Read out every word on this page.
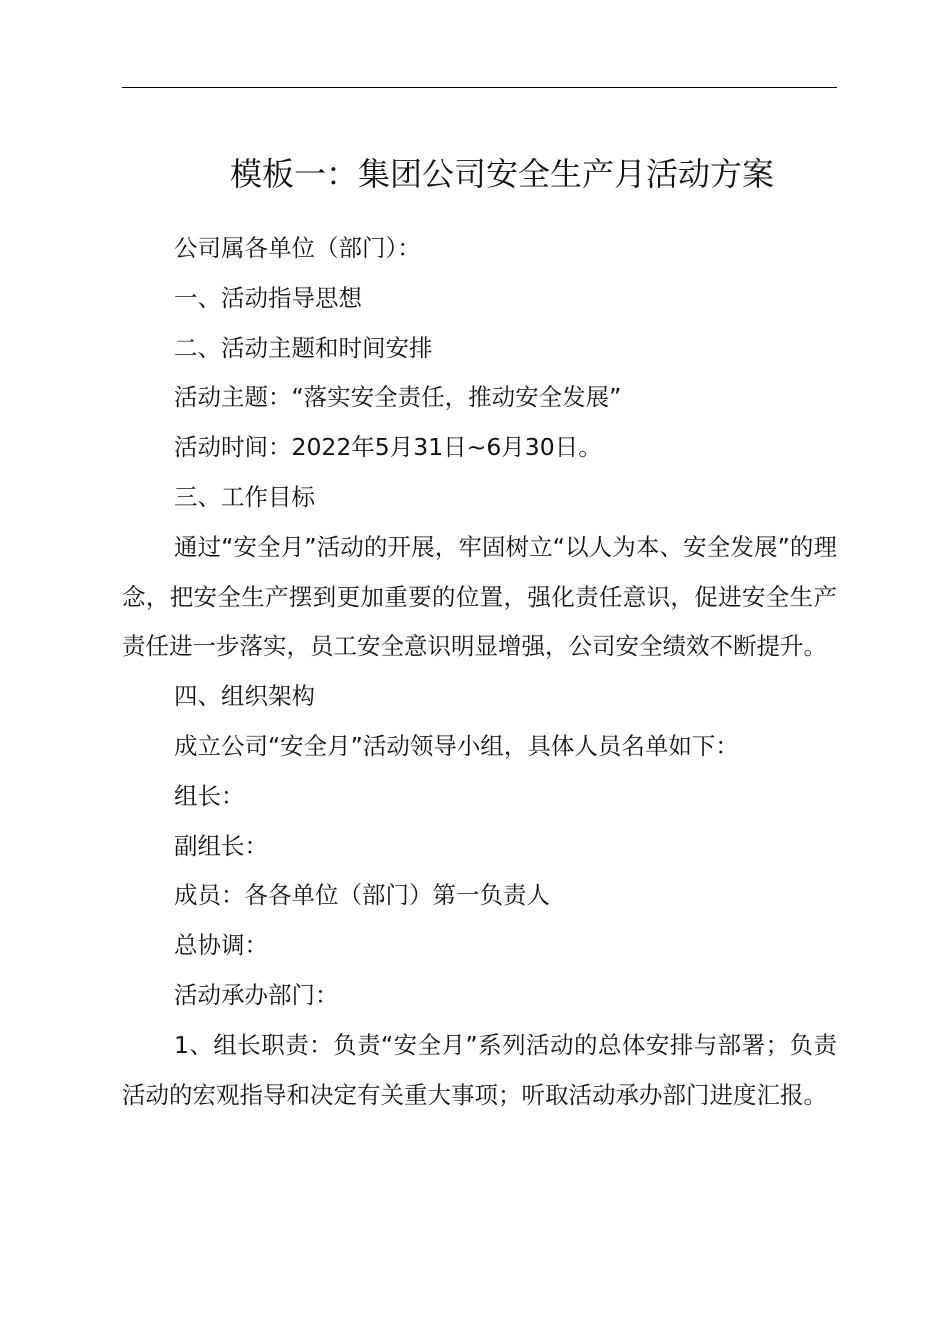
模板一：集团公司安全生产月活动方案

公司属各单位（部门）：

一、活动指导思想

二、活动主题和时间安排

活动主题：“落实安全责任，推动安全发展”

活动时间：2022年5月31日~6月30日。

三、工作目标

通过“安全月”活动的开展，牢固树立“以人为本、安全发展”的理念，把安全生产摆到更加重要的位置，强化责任意识，促进安全生产责任进一步落实，员工安全意识明显增强，公司安全绩效不断提升。

四、组织架构

成立公司“安全月”活动领导小组，具体人员名单如下：

组长：

副组长：

成员：各各单位（部门）第一负责人

总协调：

活动承办部门：

1、组长职责：负责“安全月”系列活动的总体安排与部署；负责活动的宏观指导和决定有关重大事项；听取活动承办部门进度汇报。
